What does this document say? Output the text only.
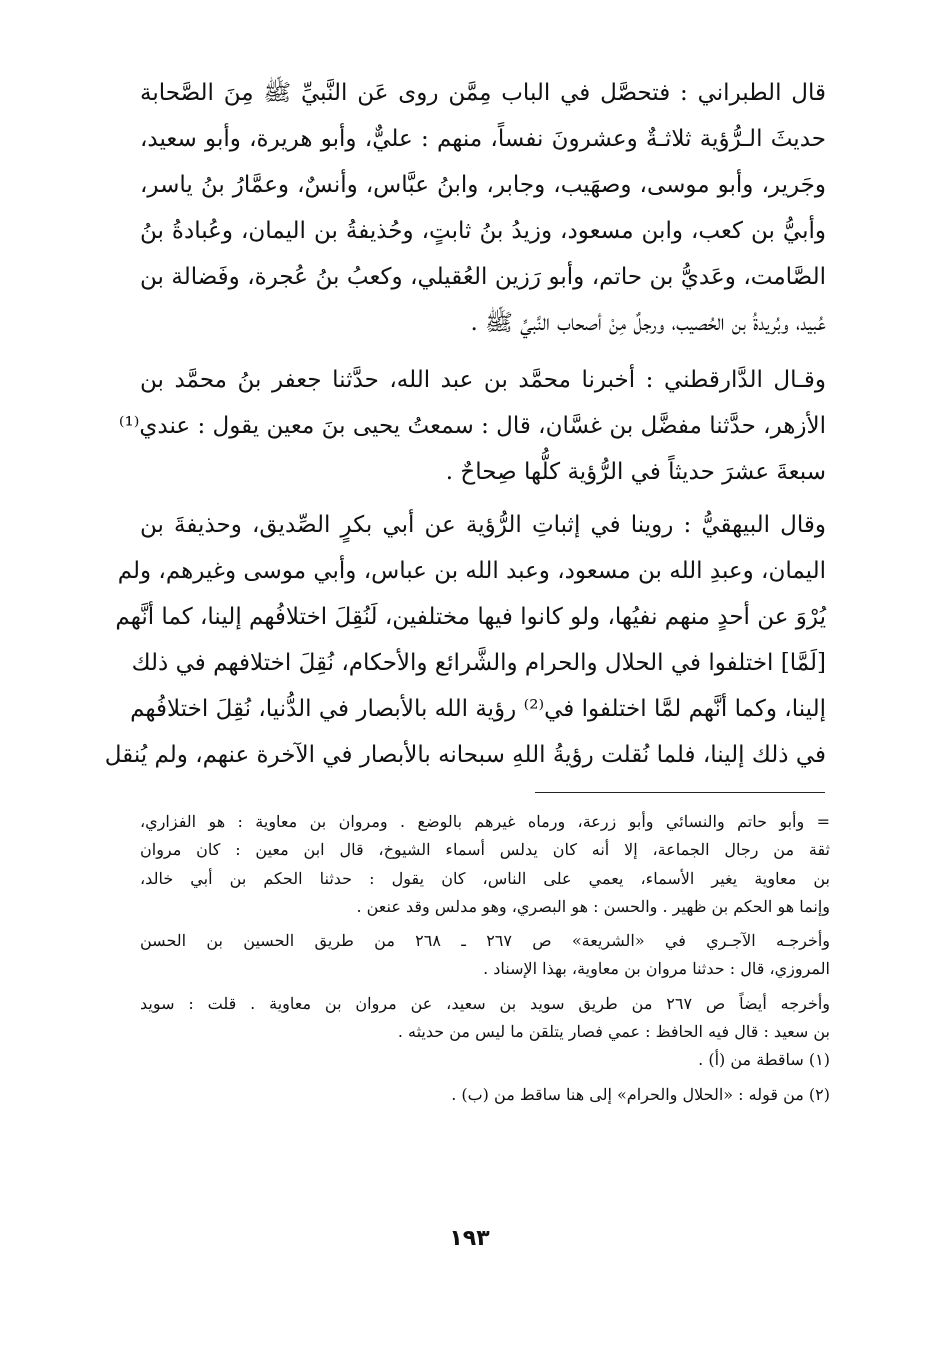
قال الطبراني : فتحصَّل في الباب مِمَّن روى عَن النَّبيِّ ﷺ مِنَ الصَّحابة
حديثَ الـرُّؤية ثلاثـةٌ وعشرونَ نفساً، منهم : عليٌّ، وأبو هريرة، وأبو سعيد،
وجَرير، وأبو موسى، وصهَيب، وجابر، وابنُ عبَّاس، وأنسٌ، وعمَّارُ بنُ ياسر،
وأبيُّ بن كعب، وابن مسعود، وزيدُ بنُ ثابتٍ، وحُذيفةُ بن اليمان، وعُبادةُ بنُ
الصَّامت، وعَديُّ بن حاتم، وأبو رَزين العُقيلي، وكعبُ بنُ عُجرة، وفَضالة بن
عُبيد، وبُريدةُ بن الحُصيب، ورجلٌ مِنْ أصحاب النَّبيِّ ﷺ .
وقـال الدَّارقطني : أخبرنا محمَّد بن عبد الله، حدَّثنا جعفر بنُ محمَّد بن
الأزهر، حدَّثنا مفضَّل بن غسَّان، قال : سمعتُ يحيى بنَ معين يقول : عندي⁽¹⁾
سبعةَ عشرَ حديثاً في الرُّؤية كلُّها صِحاحٌ .
وقال البيهقيُّ : روينا في إثباتِ الرُّؤية عن أبي بكرٍ الصِّديق، وحذيفةَ بن
اليمان، وعبدِ الله بن مسعود، وعبد الله بن عباس، وأبي موسى وغيرهم، ولم
يُرْوَ عن أحدٍ منهم نفيُها، ولو كانوا فيها مختلفين، لَنُقِلَ اختلافُهم إلينا، كما أنَّهم
[لَمَّا] اختلفوا في الحلال والحرام والشَّرائع والأحكام، نُقِلَ اختلافهم في ذلك
إلينا، وكما أنَّهم لمَّا اختلفوا في⁽²⁾ رؤية الله بالأبصار في الدُّنيا، نُقِلَ اختلافُهم
في ذلك إلينا، فلما نُقلت رؤيةُ اللهِ سبحانه بالأبصار في الآخرة عنهم، ولم يُنقل
= وأبو حاتم والنسائي وأبو زرعة، ورماه غيرهم بالوضع . ومروان بن معاوية : هو الفزاري،
ثقة من رجال الجماعة، إلا أنه كان يدلس أسماء الشيوخ، قال ابن معين : كان مروان
بن معاوية يغير الأسماء، يعمي على الناس، كان يقول : حدثنا الحكم بن أبي خالد،
وإنما هو الحكم بن ظهير . والحسن : هو البصري، وهو مدلس وقد عنعن .
وأخرجـه الآجـري في «الشريعة» ص ٢٦٧ ـ ٢٦٨ من طريق الحسين بن الحسن
المروزي، قال : حدثنا مروان بن معاوية، بهذا الإسناد .
وأخرجه أيضاً ص ٢٦٧ من طريق سويد بن سعيد، عن مروان بن معاوية . قلت : سويد
بن سعيد : قال فيه الحافظ : عمي فصار يتلقن ما ليس من حديثه .
(١) ساقطة من (أ) .
(٢) من قوله : «الحلال والحرام» إلى هنا ساقط من (ب) .
١٩٣
